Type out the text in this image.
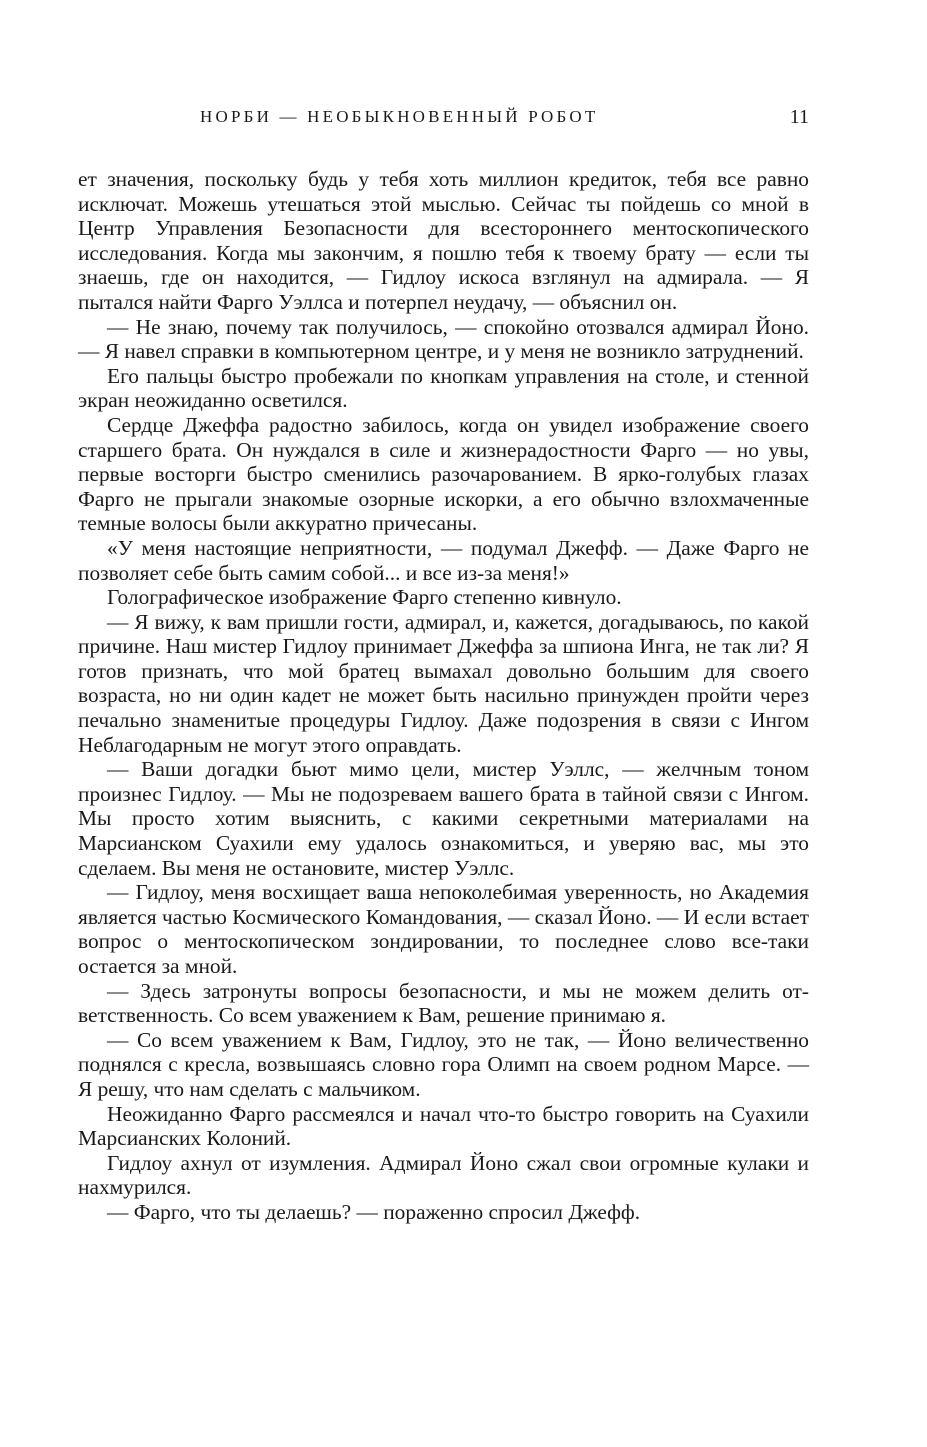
НОРБИ — НЕОБЫКНОВЕННЫЙ РОБОТ	11

ет значения, поскольку будь у тебя хоть миллион кредиток, тебя все равно исключат. Можешь утешаться этой мыслью. Сейчас ты пойдешь со мной в Центр Управления Безопасности для всестороннего ментоскопического исследования. Когда мы закончим, я пошлю тебя к твоему брату — если ты знаешь, где он находится, — Гидлоу искоса взглянул на адмирала. — Я пытался найти Фарго Уэллса и потерпел неудачу, — объяснил он.

— Не знаю, почему так получилось, — спокойно отозвался адмирал Йоно. — Я навел справки в компьютерном центре, и у меня не возникло затруднений.

Его пальцы быстро пробежали по кнопкам управления на столе, и стенной экран неожиданно осветился.

Сердце Джеффа радостно забилось, когда он увидел изображение своего старшего брата. Он нуждался в силе и жизнерадостности Фарго — но увы, первые восторги быстро сменились разочарованием. В ярко-голубых глазах Фарго не прыгали знакомые озорные искорки, а его обычно взлохмаченные темные волосы были аккуратно причесаны.

«У меня настоящие неприятности, — подумал Джефф. — Даже Фарго не позволяет себе быть самим собой... и все из-за меня!»

Голографическое изображение Фарго степенно кивнуло.

— Я вижу, к вам пришли гости, адмирал, и, кажется, догадываюсь, по какой причине. Наш мистер Гидлоу принимает Джеффа за шпиона Инга, не так ли? Я готов признать, что мой братец вымахал довольно большим для своего возраста, но ни один кадет не может быть насильно принужден пройти через печально знаменитые процедуры Гидлоу. Даже подозрения в связи с Ингом Неблагодарным не могут этого оправдать.

— Ваши догадки бьют мимо цели, мистер Уэллс, — желчным тоном произнес Гидлоу. — Мы не подозреваем вашего брата в тайной связи с Ингом. Мы просто хотим выяснить, с какими секретными материалами на Марсианском Суахили ему удалось ознакомиться, и уверяю вас, мы это сделаем. Вы меня не остановите, мистер Уэллс.

— Гидлоу, меня восхищает ваша непоколебимая уверенность, но Академия является частью Космического Командования, — сказал Йоно. — И если встает вопрос о ментоскопическом зондировании, то последнее слово все-таки остается за мной.

— Здесь затронуты вопросы безопасности, и мы не можем делить ответственность. Со всем уважением к Вам, решение принимаю я.

— Со всем уважением к Вам, Гидлоу, это не так, — Йоно величественно поднялся с кресла, возвышаясь словно гора Олимп на своем родном Марсе. — Я решу, что нам сделать с мальчиком.

Неожиданно Фарго рассмеялся и начал что-то быстро говорить на Суахили Марсианских Колоний.

Гидлоу ахнул от изумления. Адмирал Йоно сжал свои огромные кулаки и нахмурился.

— Фарго, что ты делаешь? — пораженно спросил Джефф.
